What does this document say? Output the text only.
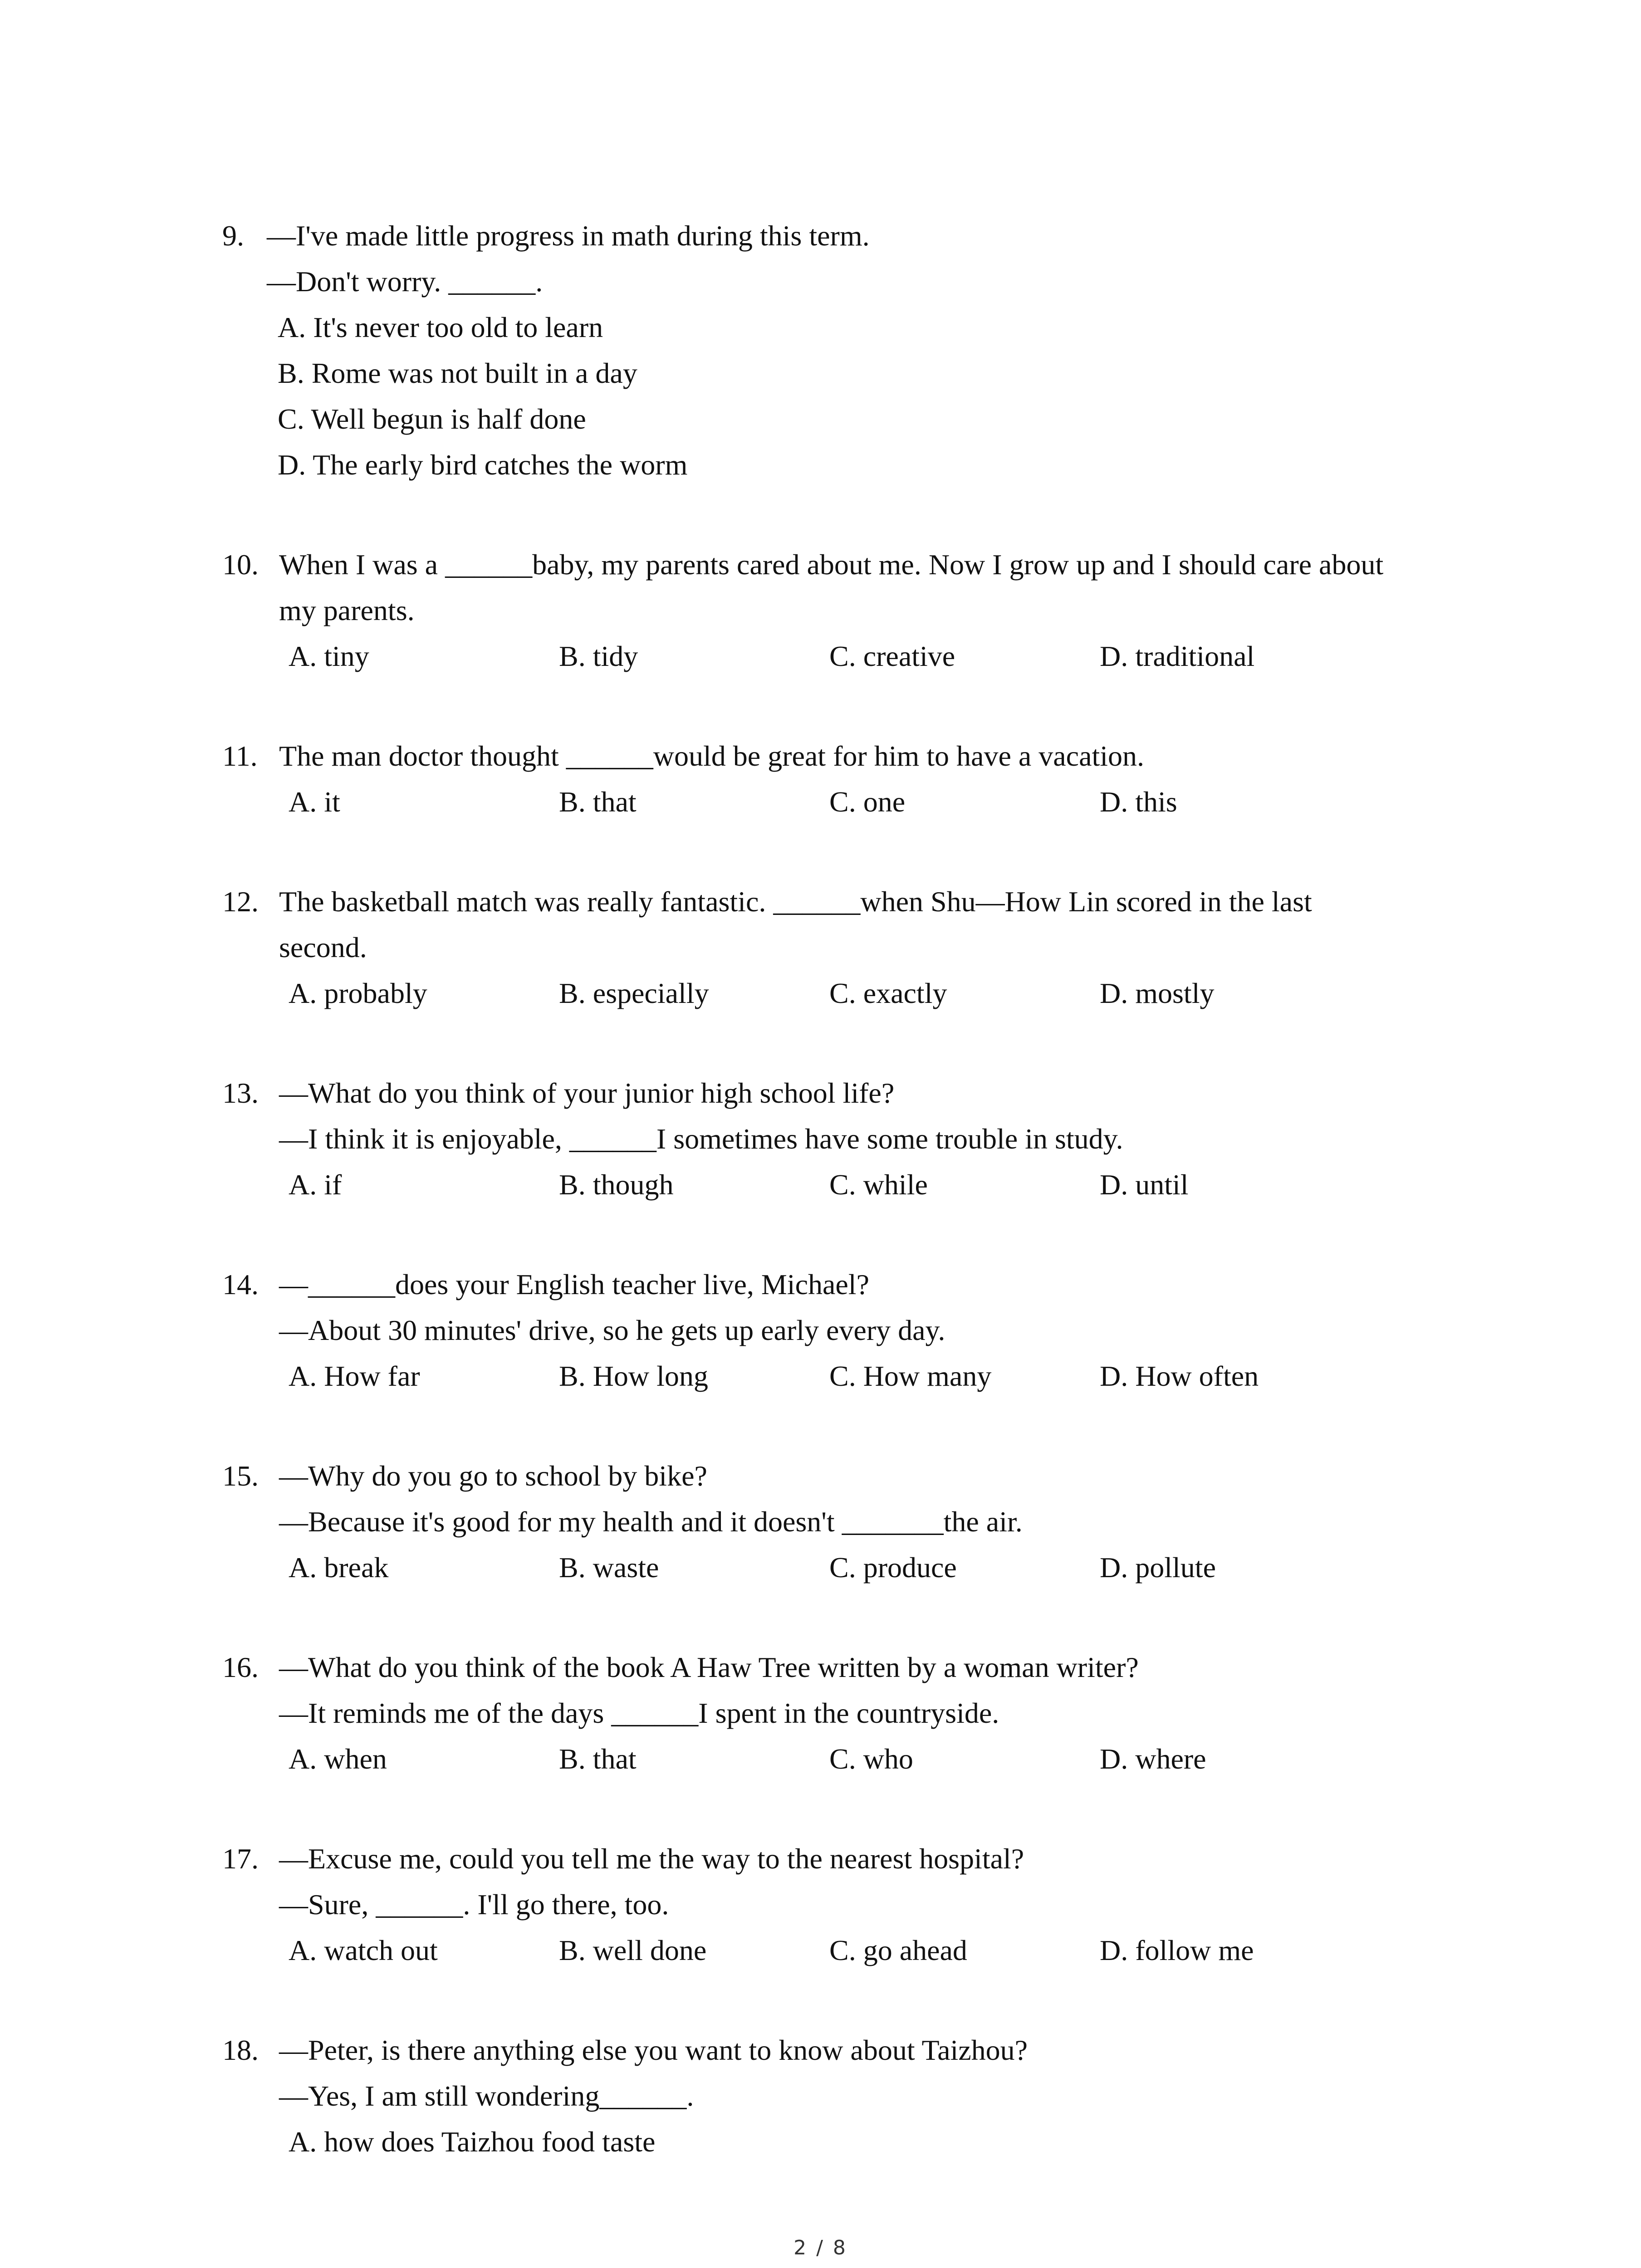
9. —I've made little progress in math during this term.
—Don't worry. ______.
A. It's never too old to learn
B. Rome was not built in a day
C. Well begun is half done
D. The early bird catches the worm
10. When I was a ______baby, my parents cared about me. Now I grow up and I should care about
my parents.
A. tiny	B. tidy	C. creative	D. traditional
11. The man doctor thought ______would be great for him to have a vacation.
A. it	B. that	C. one	D. this
12. The basketball match was really fantastic. ______when Shu—How Lin scored in the last
second.
A. probably	B. especially	C. exactly	D. mostly
13. —What do you think of your junior high school life?
—I think it is enjoyable, ______I sometimes have some trouble in study.
A. if	B. though	C. while	D. until
14. —______does your English teacher live, Michael?
—About 30 minutes' drive, so he gets up early every day.
A. How far	B. How long	C. How many	D. How often
15. —Why do you go to school by bike?
—Because it's good for my health and it doesn't _______the air.
A. break	B. waste	C. produce	D. pollute
16. —What do you think of the book A Haw Tree written by a woman writer?
—It reminds me of the days ______I spent in the countryside.
A. when	B. that	C. who	D. where
17. —Excuse me, could you tell me the way to the nearest hospital?
—Sure, ______. I'll go there, too.
A. watch out	B. well done	C. go ahead	D. follow me
18. —Peter, is there anything else you want to know about Taizhou?
—Yes, I am still wondering______.
A. how does Taizhou food taste
2 / 8
